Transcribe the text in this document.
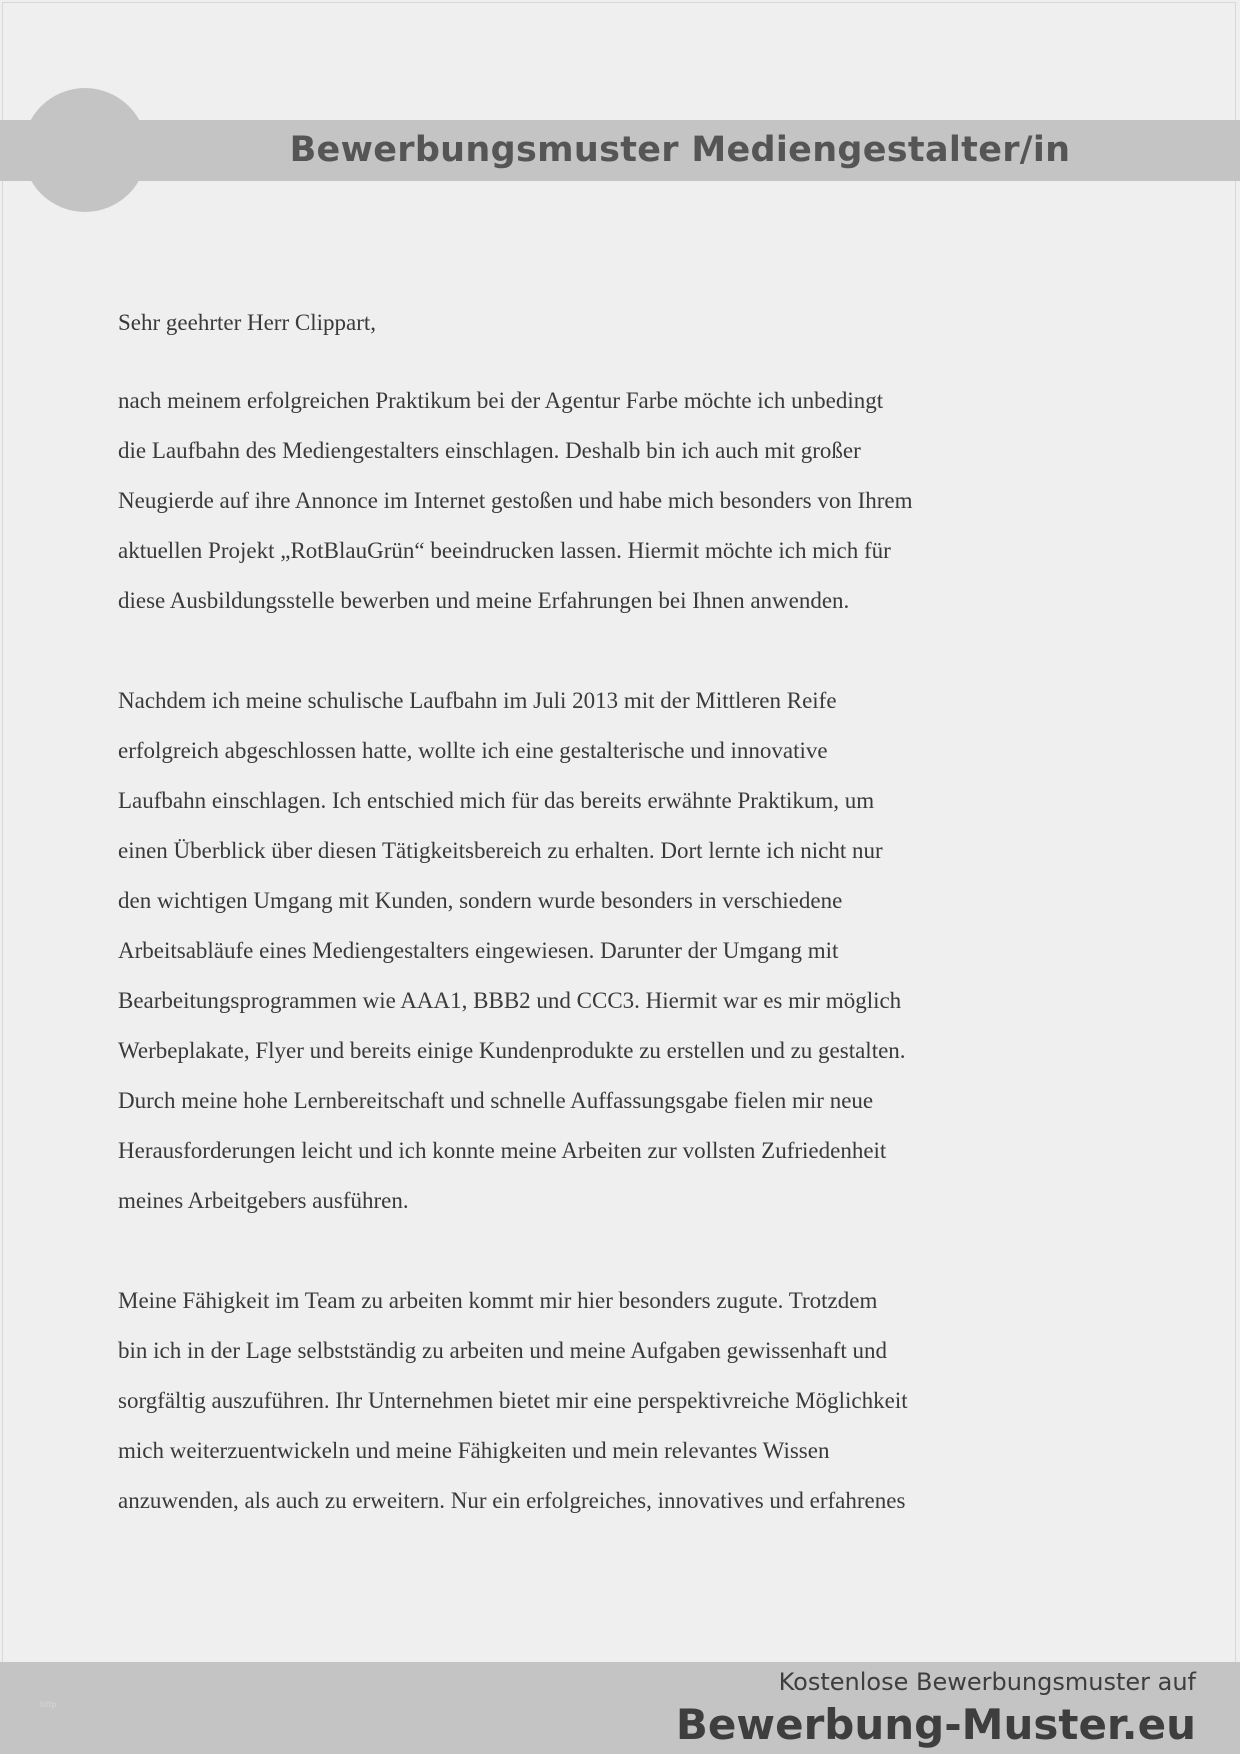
Bewerbungsmuster Mediengestalter/in

Sehr geehrter Herr Clippart,

nach meinem erfolgreichen Praktikum bei der Agentur Farbe möchte ich unbedingt
die Laufbahn des Mediengestalters einschlagen. Deshalb bin ich auch mit großer
Neugierde auf ihre Annonce im Internet gestoßen und habe mich besonders von Ihrem
aktuellen Projekt „RotBlauGrün“ beeindrucken lassen. Hiermit möchte ich mich für
diese Ausbildungsstelle bewerben und meine Erfahrungen bei Ihnen anwenden.

Nachdem ich meine schulische Laufbahn im Juli 2013 mit der Mittleren Reife
erfolgreich abgeschlossen hatte, wollte ich eine gestalterische und innovative
Laufbahn einschlagen. Ich entschied mich für das bereits erwähnte Praktikum, um
einen Überblick über diesen Tätigkeitsbereich zu erhalten. Dort lernte ich nicht nur
den wichtigen Umgang mit Kunden, sondern wurde besonders in verschiedene
Arbeitsabläufe eines Mediengestalters eingewiesen. Darunter der Umgang mit
Bearbeitungsprogrammen wie AAA1, BBB2 und CCC3. Hiermit war es mir möglich
Werbeplakate, Flyer und bereits einige Kundenprodukte zu erstellen und zu gestalten.
Durch meine hohe Lernbereitschaft und schnelle Auffassungsgabe fielen mir neue
Herausforderungen leicht und ich konnte meine Arbeiten zur vollsten Zufriedenheit
meines Arbeitgebers ausführen.

Meine Fähigkeit im Team zu arbeiten kommt mir hier besonders zugute. Trotzdem
bin ich in der Lage selbstständig zu arbeiten und meine Aufgaben gewissenhaft und
sorgfältig auszuführen. Ihr Unternehmen bietet mir eine perspektivreiche Möglichkeit
mich weiterzuentwickeln und meine Fähigkeiten und mein relevantes Wissen
anzuwenden, als auch zu erweitern. Nur ein erfolgreiches, innovatives und erfahrenes

http
Kostenlose Bewerbungsmuster auf
Bewerbung-Muster.eu
